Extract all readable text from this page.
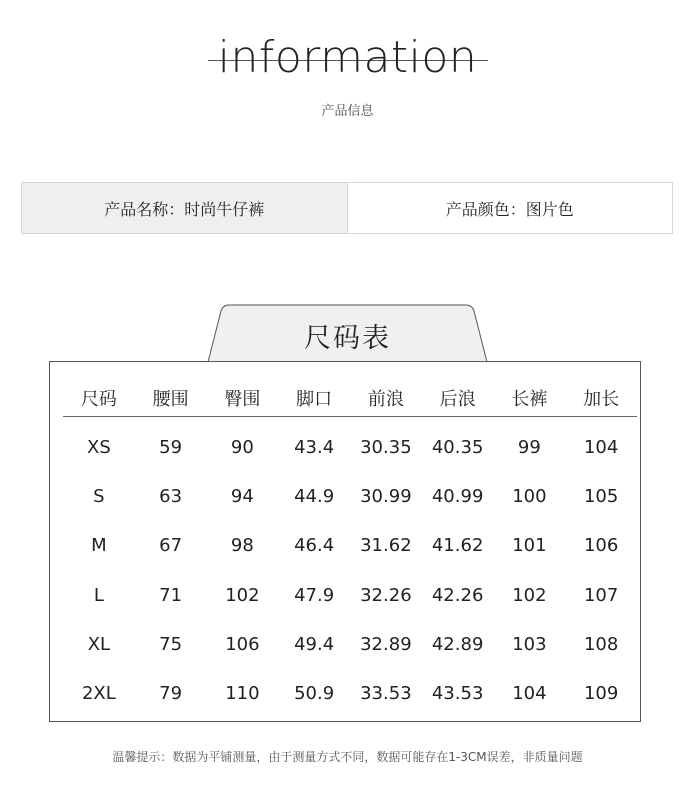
information
产品信息
产品名称：时尚牛仔裤	产品颜色：图片色
尺码表
尺码	腰围	臀围	脚口	前浪	后浪	长裤	加长
XS	59	90	43.4	30.35	40.35	99	104
S	63	94	44.9	30.99	40.99	100	105
M	67	98	46.4	31.62	41.62	101	106
L	71	102	47.9	32.26	42.26	102	107
XL	75	106	49.4	32.89	42.89	103	108
2XL	79	110	50.9	33.53	43.53	104	109
温馨提示：数据为平铺测量，由于测量方式不同，数据可能存在1-3CM误差，非质量问题
